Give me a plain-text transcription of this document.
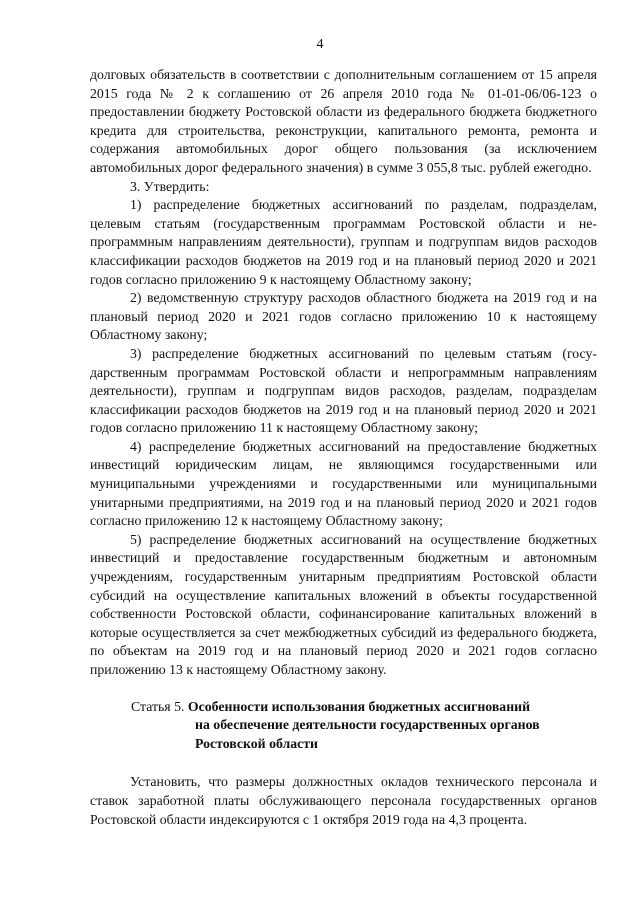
4

долговых обязательств в соответствии с дополнительным соглашением от 15 апреля 2015 года № 2 к соглашению от 26 апреля 2010 года № 01-01-06/06-123 о предоставлении бюджету Ростовской области из федерального бюджета бюджетного кредита для строительства, реконструкции, капитального ремонта, ремонта и содержания автомобильных дорог общего пользования (за исключением автомобильных дорог федерального значения) в сумме 3 055,8 тыс. рублей ежегодно.

3. Утвердить:

1) распределение бюджетных ассигнований по разделам, подразделам, целевым статьям (государственным программам Ростовской области и непрограммным направлениям деятельности), группам и подгруппам видов расходов классификации расходов бюджетов на 2019 год и на плановый период 2020 и 2021 годов согласно приложению 9 к настоящему Областному закону;

2) ведомственную структуру расходов областного бюджета на 2019 год и на плановый период 2020 и 2021 годов согласно приложению 10 к настоящему Областному закону;

3) распределение бюджетных ассигнований по целевым статьям (государственным программам Ростовской области и непрограммным направлениям деятельности), группам и подгруппам видов расходов, разделам, подразделам классификации расходов бюджетов на 2019 год и на плановый период 2020 и 2021 годов согласно приложению 11 к настоящему Областному закону;

4) распределение бюджетных ассигнований на предоставление бюджетных инвестиций юридическим лицам, не являющимся государственными или муниципальными учреждениями и государственными или муниципальными унитарными предприятиями, на 2019 год и на плановый период 2020 и 2021 годов согласно приложению 12 к настоящему Областному закону;

5) распределение бюджетных ассигнований на осуществление бюджетных инвестиций и предоставление государственным бюджетным и автономным учреждениям, государственным унитарным предприятиям Ростовской области субсидий на осуществление капитальных вложений в объекты государственной собственности Ростовской области, софинансирование капитальных вложений в которые осуществляется за счет межбюджетных субсидий из федерального бюджета, по объектам на 2019 год и на плановый период 2020 и 2021 годов согласно приложению 13 к настоящему Областному закону.

Статья 5. Особенности использования бюджетных ассигнований
на обеспечение деятельности государственных органов
Ростовской области

Установить, что размеры должностных окладов технического персонала и ставок заработной платы обслуживающего персонала государственных органов Ростовской области индексируются с 1 октября 2019 года на 4,3 процента.
